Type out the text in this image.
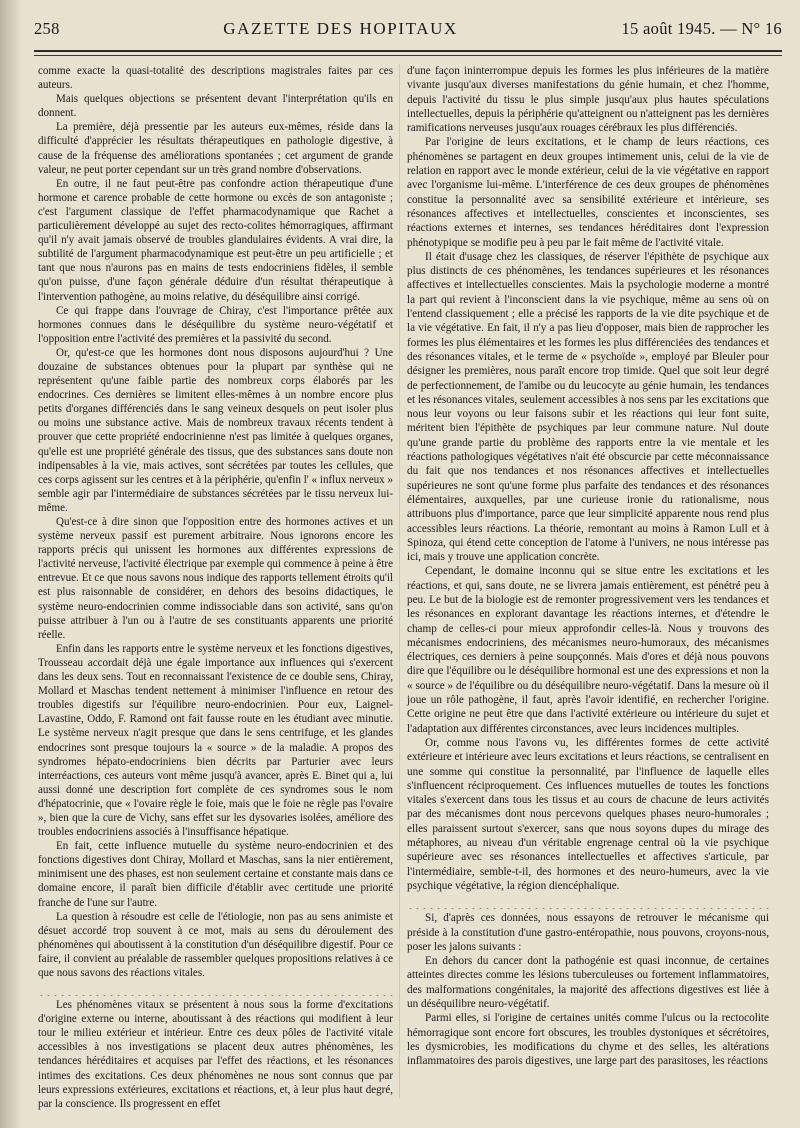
258	GAZETTE DES HOPITAUX	15 août 1945. — N° 16

comme exacte la quasi-totalité des descriptions magistrales faites par ces auteurs.

Mais quelques objections se présentent devant l'interprétation qu'ils en donnent.

La première, déjà pressentie par les auteurs eux-mêmes, réside dans la difficulté d'apprécier les résultats thérapeutiques en pathologie digestive, à cause de la fréquense des améliorations spontanées ; cet argument de grande valeur, ne peut porter cependant sur un très grand nombre d'observations.

En outre, il ne faut peut-être pas confondre action thérapeutique d'une hormone et carence probable de cette hormone ou excès de son antagoniste ; c'est l'argument classique de l'effet pharmacodynamique que Rachet a particulièrement développé au sujet des recto-colites hémorragiques, affirmant qu'il n'y avait jamais observé de troubles glandulaires évidents. A vrai dire, la subtilité de l'argument pharmacodynamique est peut-être un peu artificielle ; et tant que nous n'aurons pas en mains de tests endocriniens fidèles, il semble qu'on puisse, d'une façon générale déduire d'un résultat thérapeutique à l'intervention pathogène, au moins relative, du déséquilibre ainsi corrigé.

Ce qui frappe dans l'ouvrage de Chiray, c'est l'importance prêtée aux hormones connues dans le déséquilibre du système neuro-végétatif et l'opposition entre l'activité des premières et la passivité du second.

Or, qu'est-ce que les hormones dont nous disposons aujourd'hui ? Une douzaine de substances obtenues pour la plupart par synthèse qui ne représentent qu'une faible partie des nombreux corps élaborés par les endocrines. Ces dernières se limitent elles-mêmes à un nombre encore plus petits d'organes différenciés dans le sang veineux desquels on peut isoler plus ou moins une substance active. Mais de nombreux travaux récents tendent à prouver que cette propriété endocrinienne n'est pas limitée à quelques organes, qu'elle est une propriété générale des tissus, que des substances sans doute non indipensables à la vie, mais actives, sont sécrétées par toutes les cellules, que ces corps agissent sur les centres et à la périphérie, qu'enfin l' « influx nerveux » semble agir par l'intermédiaire de substances sécrétées par le tissu nerveux lui-même.

Qu'est-ce à dire sinon que l'opposition entre des hormones actives et un système nerveux passif est purement arbitraire. Nous ignorons encore les rapports précis qui unissent les hormones aux différentes expressions de l'activité nerveuse, l'activité électrique par exemple qui commence à peine à être entrevue. Et ce que nous savons nous indique des rapports tellement étroits qu'il est plus raisonnable de considérer, en dehors des besoins didactiques, le système neuro-endocrinien comme indissociable dans son activité, sans qu'on puisse attribuer à l'un ou à l'autre de ses constituants apparents une priorité réelle.

Enfin dans les rapports entre le système nerveux et les fonctions digestives, Trousseau accordait déjà une égale importance aux influences qui s'exercent dans les deux sens. Tout en reconnaissant l'existence de ce double sens, Chiray, Mollard et Maschas tendent nettement à minimiser l'influence en retour des troubles digestifs sur l'équilibre neuro-endocrinien. Pour eux, Laignel-Lavastine, Oddo, F. Ramond ont fait fausse route en les étudiant avec minutie. Le système nerveux n'agit presque que dans le sens centrifuge, et les glandes endocrines sont presque toujours la « source » de la maladie. A propos des syndromes hépato-endocriniens bien décrits par Parturier avec leurs interréactions, ces auteurs vont même jusqu'à avancer, après E. Binet qui a, lui aussi donné une description fort complète de ces syndromes sous le nom d'hépatocrinie, que « l'ovaire règle le foie, mais que le foie ne règle pas l'ovaire », bien que la cure de Vichy, sans effet sur les dysovaries isolées, améliore des troubles endocriniens associés à l'insuffisance hépatique.

En fait, cette influence mutuelle du système neuro-endocrinien et des fonctions digestives dont Chiray, Mollard et Maschas, sans la nier entièrement, minimisent une des phases, est non seulement certaine et constante mais dans ce domaine encore, il paraît bien difficile d'établir avec certitude une priorité franche de l'une sur l'autre.

La question à résoudre est celle de l'étiologie, non pas au sens animiste et désuet accordé trop souvent à ce mot, mais au sens du déroulement des phénomènes qui aboutissent à la constitution d'un déséquilibre digestif. Pour ce faire, il convient au préalable de rassembler quelques propositions relatives à ce que nous savons des réactions vitales.

Les phénomènes vitaux se présentent à nous sous la forme d'excitations d'origine externe ou interne, aboutissant à des réactions qui modifient à leur tour le milieu extérieur et intérieur. Entre ces deux pôles de l'activité vitale accessibles à nos investigations se placent deux autres phénomènes, les tendances héréditaires et acquises par l'effet des réactions, et les résonances intimes des excitations. Ces deux phénomènes ne nous sont connus que par leurs expressions extérieures, excitations et réactions, et, à leur plus haut degré, par la conscience. Ils progressent en effet

d'une façon ininterrompue depuis les formes les plus inférieures de la matière vivante jusqu'aux diverses manifestations du génie humain, et chez l'homme, depuis l'activité du tissu le plus simple jusqu'aux plus hautes spéculations intellectuelles, depuis la périphérie qu'atteignent ou n'atteignent pas les dernières ramifications nerveuses jusqu'aux rouages cérébraux les plus différenciés.

Par l'origine de leurs excitations, et le champ de leurs réactions, ces phénomènes se partagent en deux groupes intimement unis, celui de la vie de relation en rapport avec le monde extérieur, celui de la vie végétative en rapport avec l'organisme lui-même. L'interférence de ces deux groupes de phénomènes constitue la personnalité avec sa sensibilité extérieure et intérieure, ses résonances affectives et intellectuelles, conscientes et inconscientes, ses réactions externes et internes, ses tendances héréditaires dont l'expression phénotypique se modifie peu à peu par le fait même de l'activité vitale.

Il était d'usage chez les classiques, de réserver l'épithète de psychique aux plus distincts de ces phénomènes, les tendances supérieures et les résonances affectives et intellectuelles conscientes. Mais la psychologie moderne a montré la part qui revient à l'inconscient dans la vie psychique, même au sens où on l'entend classiquement ; elle a précisé les rapports de la vie dite psychique et de la vie végétative. En fait, il n'y a pas lieu d'opposer, mais bien de rapprocher les formes les plus élémentaires et les formes les plus différenciées des tendances et des résonances vitales, et le terme de « psychoïde », employé par Bleuler pour désigner les premières, nous paraît encore trop timide. Quel que soit leur degré de perfectionnement, de l'amibe ou du leucocyte au génie humain, les tendances et les résonances vitales, seulement accessibles à nos sens par les excitations que nous leur voyons ou leur faisons subir et les réactions qui leur font suite, méritent bien l'épithète de psychiques par leur commune nature. Nul doute qu'une grande partie du problème des rapports entre la vie mentale et les réactions pathologiques végétatives n'ait été obscurcie par cette méconnaissance du fait que nos tendances et nos résonances affectives et intellectuelles supérieures ne sont qu'une forme plus parfaite des tendances et des résonances élémentaires, auxquelles, par une curieuse ironie du rationalisme, nous attribuons plus d'importance, parce que leur simplicité apparente nous rend plus accessibles leurs réactions. La théorie, remontant au moins à Ramon Lull et à Spinoza, qui étend cette conception de l'atome à l'univers, ne nous intéresse pas ici, mais y trouve une application concrète.

Cependant, le domaine inconnu qui se situe entre les excitations et les réactions, et qui, sans doute, ne se livrera jamais entièrement, est pénétré peu à peu. Le but de la biologie est de remonter progressivement vers les tendances et les résonances en explorant davantage les réactions internes, et d'étendre le champ de celles-ci pour mieux approfondir celles-là. Nous y trouvons des mécanismes endocriniens, des mécanismes neuro-humoraux, des mécanismes électriques, ces derniers à peine soupçonnés. Mais d'ores et déjà nous pouvons dire que l'équilibre ou le déséquilibre hormonal est une des expressions et non la « source » de l'équilibre ou du déséquilibre neuro-végétatif. Dans la mesure où il joue un rôle pathogène, il faut, après l'avoir identifié, en rechercher l'origine. Cette origine ne peut être que dans l'activité extérieure ou intérieure du sujet et l'adaptation aux différentes circonstances, avec leurs incidences multiples.

Or, comme nous l'avons vu, les différentes formes de cette activité extérieure et intérieure avec leurs excitations et leurs réactions, se centralisent en une somme qui constitue la personnalité, par l'influence de laquelle elles s'influencent réciproquement. Ces influences mutuelles de toutes les fonctions vitales s'exercent dans tous les tissus et au cours de chacune de leurs activités par des mécanismes dont nous percevons quelques phases neuro-humorales ; elles paraissent surtout s'exercer, sans que nous soyons dupes du mirage des métaphores, au niveau d'un véritable engrenage central où la vie psychique supérieure avec ses résonances intellectuelles et affectives s'articule, par l'intermédiaire, semble-t-il, des hormones et des neuro-humeurs, avec la vie psychique végétative, la région diencéphalique.

Si, d'après ces données, nous essayons de retrouver le mécanisme qui préside à la constitution d'une gastro-entéropathie, nous pouvons, croyons-nous, poser les jalons suivants :

En dehors du cancer dont la pathogénie est quasi inconnue, de certaines atteintes directes comme les lésions tuberculeuses ou fortement inflammatoires, des malformations congénitales, la majorité des affections digestives est liée à un déséquilibre neuro-végétatif.

Parmi elles, si l'origine de certaines unités comme l'ulcus ou la rectocolite hémorragique sont encore fort obscures, les troubles dystoniques et sécrétoires, les dysmicrobies, les modifications du chyme et des selles, les altérations inflammatoires des parois digestives, une large part des parasitoses, les réactions
